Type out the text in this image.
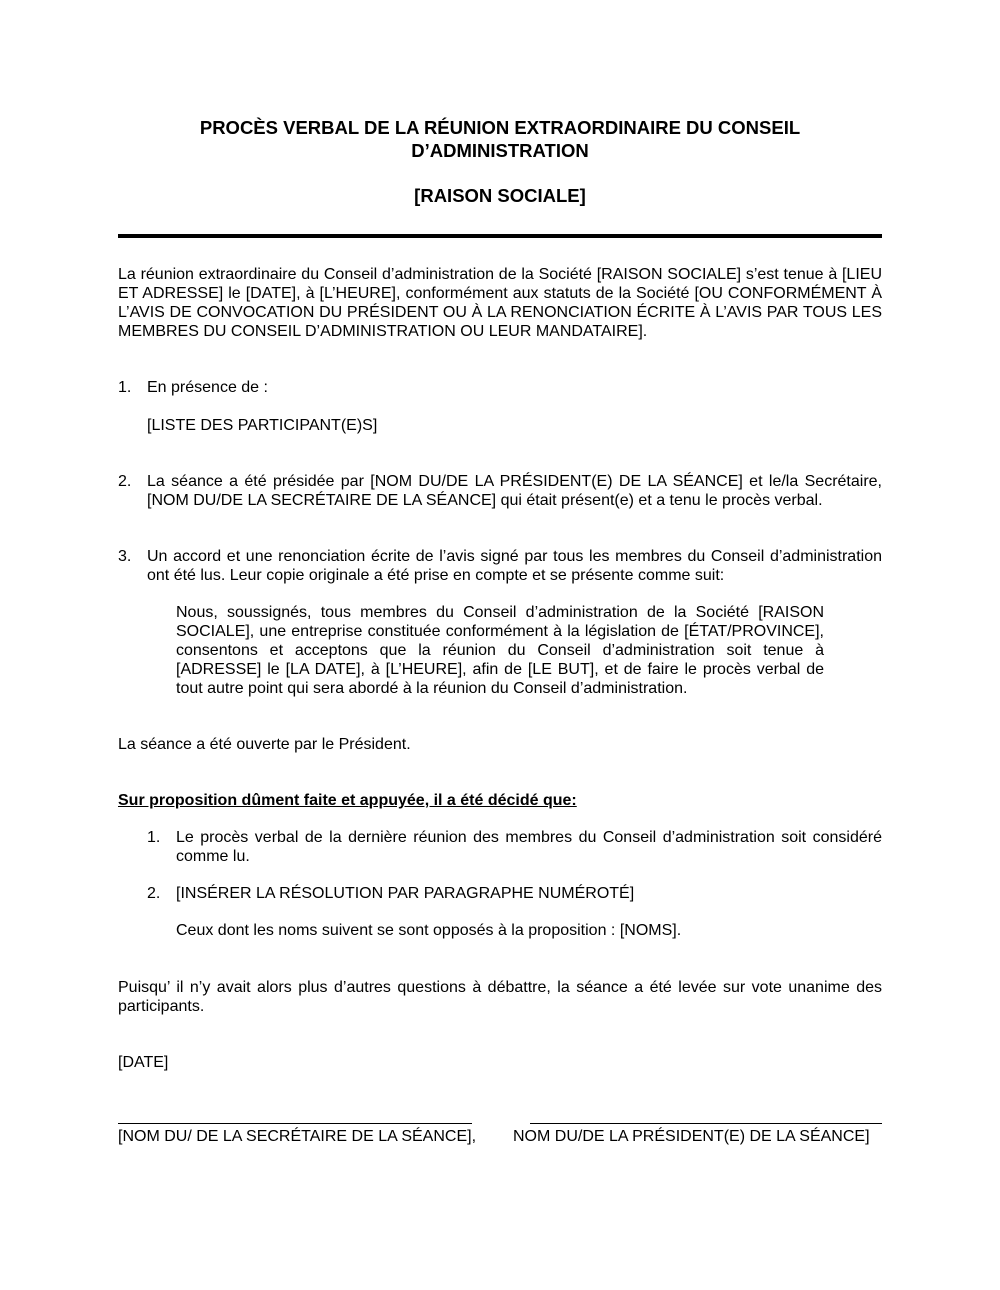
PROCÈS VERBAL DE LA RÉUNION EXTRAORDINAIRE DU CONSEIL
D’ADMINISTRATION
[RAISON SOCIALE]

La réunion extraordinaire du Conseil d’administration de la Société [RAISON SOCIALE] s’est tenue à [LIEU ET ADRESSE] le [DATE], à [L’HEURE], conformément aux statuts de la Société [OU CONFORMÉMENT À L’AVIS DE CONVOCATION DU PRÉSIDENT OU À LA RENONCIATION ÉCRITE À L’AVIS PAR TOUS LES MEMBRES DU CONSEIL D’ADMINISTRATION OU LEUR MANDATAIRE].

1. En présence de :
[LISTE DES PARTICIPANT(E)S]
2. La séance a été présidée par [NOM DU/DE LA PRÉSIDENT(E) DE LA SÉANCE] et le/la Secrétaire, [NOM DU/DE LA SECRÉTAIRE DE LA SÉANCE] qui était présent(e) et a tenu le procès verbal.

3. Un accord et une renonciation écrite de l’avis signé par tous les membres du Conseil d’administration ont été lus. Leur copie originale a été prise en compte et se présente comme suit:

Nous, soussignés, tous membres du Conseil d’administration de la Société [RAISON SOCIALE], une entreprise constituée conformément à la législation de [ÉTAT/PROVINCE], consentons et acceptons que la réunion du Conseil d’administration soit tenue à [ADRESSE] le [LA DATE], à [L’HEURE], afin de [LE BUT], et de faire le procès verbal de tout autre point qui sera abordé à la réunion du Conseil d’administration.

La séance a été ouverte par le Président.

Sur proposition dûment faite et appuyée, il a été décidé que:

1. Le procès verbal de la dernière réunion des membres du Conseil d’administration soit considéré comme lu.

2. [INSÉRER LA RÉSOLUTION PAR PARAGRAPHE NUMÉROTÉ]
Ceux dont les noms suivent se sont opposés à la proposition : [NOMS].

Puisqu’ il n’y avait alors plus d’autres questions à débattre, la séance a été levée sur vote unanime des participants.

[DATE]

[NOM DU/ DE LA SECRÉTAIRE DE LA SÉANCE], NOM DU/DE LA PRÉSIDENT(E) DE LA SÉANCE]
